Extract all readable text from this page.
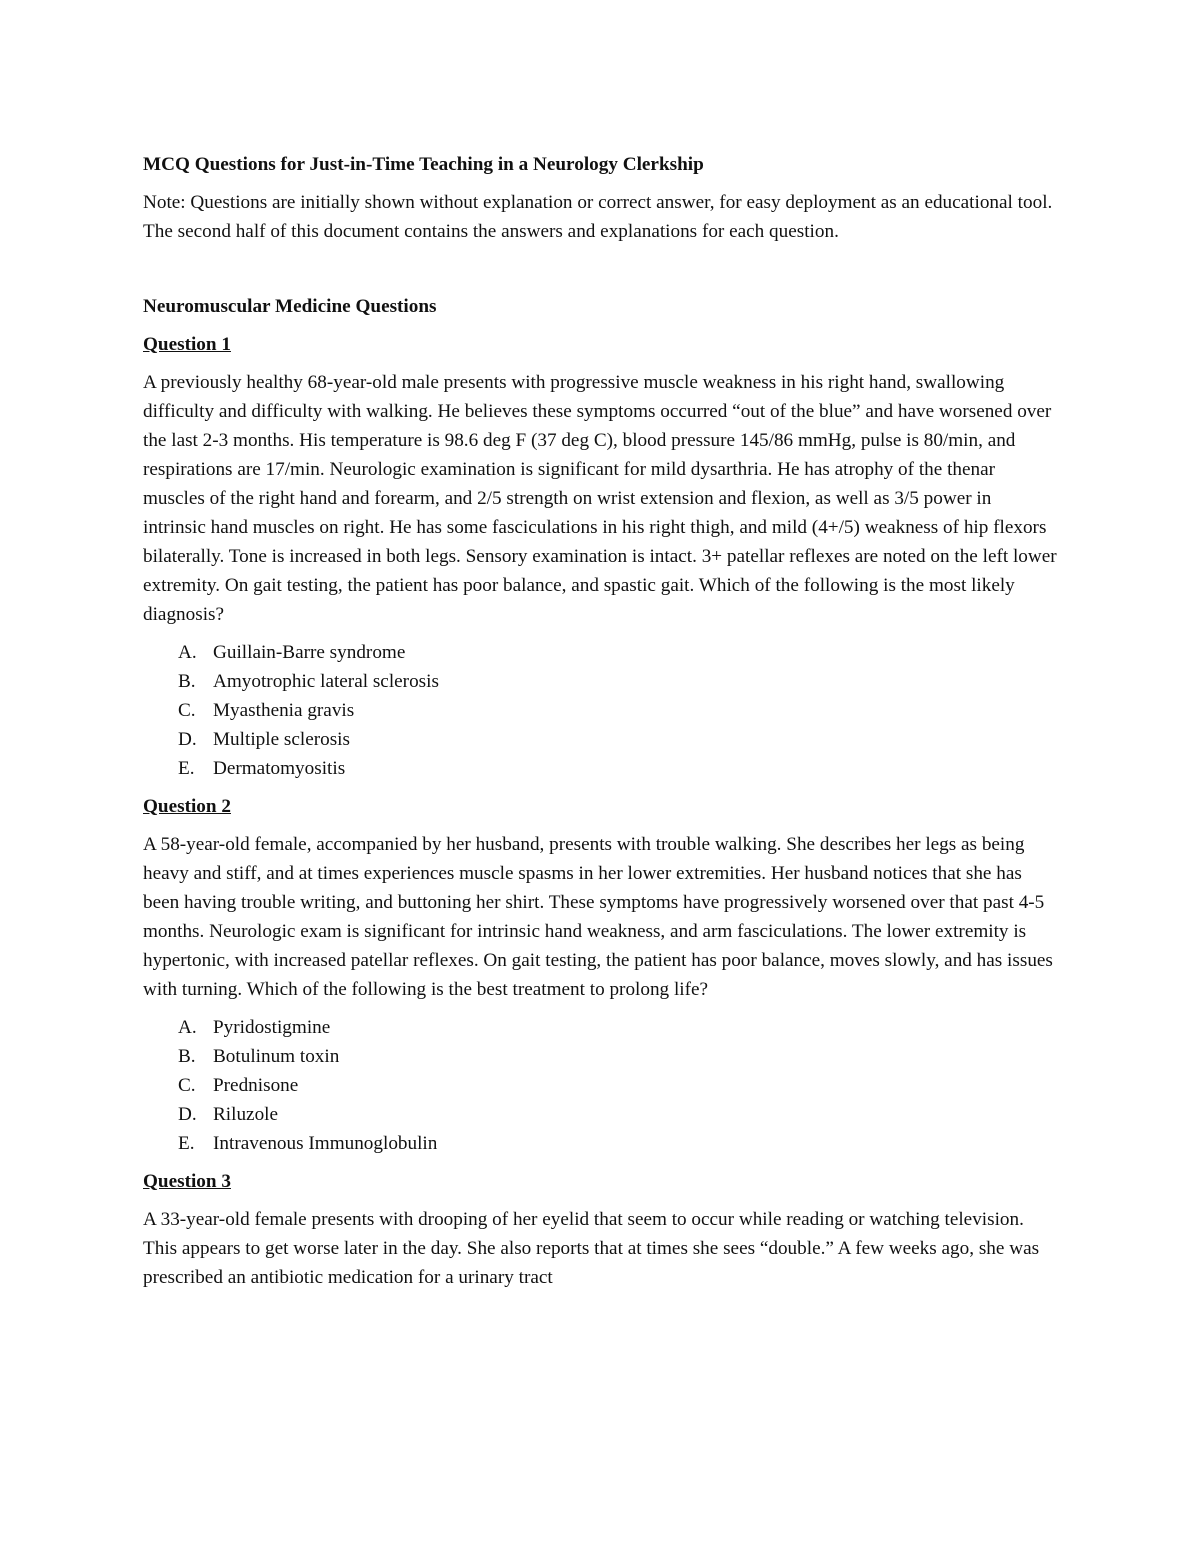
MCQ Questions for Just-in-Time Teaching in a Neurology Clerkship

Note: Questions are initially shown without explanation or correct answer, for easy deployment as an educational tool. The second half of this document contains the answers and explanations for each question.

Neuromuscular Medicine Questions

Question 1

A previously healthy 68-year-old male presents with progressive muscle weakness in his right hand, swallowing difficulty and difficulty with walking. He believes these symptoms occurred “out of the blue” and have worsened over the last 2-3 months. His temperature is 98.6 deg F (37 deg C), blood pressure 145/86 mmHg, pulse is 80/min, and respirations are 17/min. Neurologic examination is significant for mild dysarthria. He has atrophy of the thenar muscles of the right hand and forearm, and 2/5 strength on wrist extension and flexion, as well as 3/5 power in intrinsic hand muscles on right. He has some fasciculations in his right thigh, and mild (4+/5) weakness of hip flexors bilaterally. Tone is increased in both legs. Sensory examination is intact. 3+ patellar reflexes are noted on the left lower extremity. On gait testing, the patient has poor balance, and spastic gait. Which of the following is the most likely diagnosis?

A. Guillain-Barre syndrome
B. Amyotrophic lateral sclerosis
C. Myasthenia gravis
D. Multiple sclerosis
E. Dermatomyositis

Question 2

A 58-year-old female, accompanied by her husband, presents with trouble walking. She describes her legs as being heavy and stiff, and at times experiences muscle spasms in her lower extremities. Her husband notices that she has been having trouble writing, and buttoning her shirt. These symptoms have progressively worsened over that past 4-5 months. Neurologic exam is significant for intrinsic hand weakness, and arm fasciculations. The lower extremity is hypertonic, with increased patellar reflexes. On gait testing, the patient has poor balance, moves slowly, and has issues with turning. Which of the following is the best treatment to prolong life?

A. Pyridostigmine
B. Botulinum toxin
C. Prednisone
D. Riluzole
E. Intravenous Immunoglobulin

Question 3

A 33-year-old female presents with drooping of her eyelid that seem to occur while reading or watching television. This appears to get worse later in the day. She also reports that at times she sees “double.” A few weeks ago, she was prescribed an antibiotic medication for a urinary tract
